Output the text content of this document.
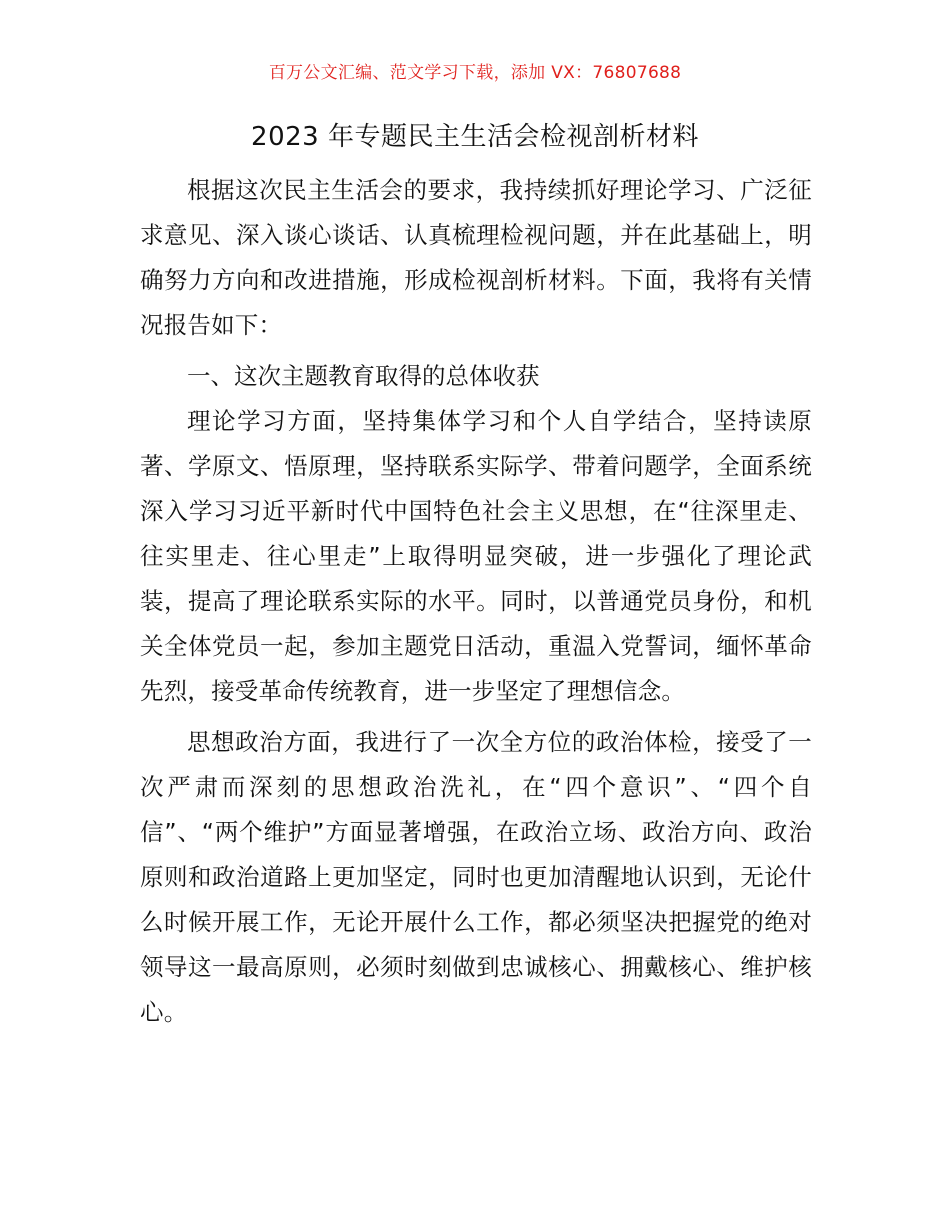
百万公文汇编、范文学习下载，添加 VX：76807688
2023 年专题民主生活会检视剖析材料

根据这次民主生活会的要求，我持续抓好理论学习、广泛征求意见、深入谈心谈话、认真梳理检视问题，并在此基础上，明确努力方向和改进措施，形成检视剖析材料。下面，我将有关情况报告如下：

一、这次主题教育取得的总体收获

理论学习方面，坚持集体学习和个人自学结合，坚持读原著、学原文、悟原理，坚持联系实际学、带着问题学，全面系统深入学习习近平新时代中国特色社会主义思想，在“往深里走、往实里走、往心里走”上取得明显突破，进一步强化了理论武装，提高了理论联系实际的水平。同时，以普通党员身份，和机关全体党员一起，参加主题党日活动，重温入党誓词，缅怀革命先烈，接受革命传统教育，进一步坚定了理想信念。

思想政治方面，我进行了一次全方位的政治体检，接受了一次严肃而深刻的思想政治洗礼，在“四个意识”、“四个自信”、“两个维护”方面显著增强，在政治立场、政治方向、政治原则和政治道路上更加坚定，同时也更加清醒地认识到，无论什么时候开展工作，无论开展什么工作，都必须坚决把握党的绝对领导这一最高原则，必须时刻做到忠诚核心、拥戴核心、维护核心。
